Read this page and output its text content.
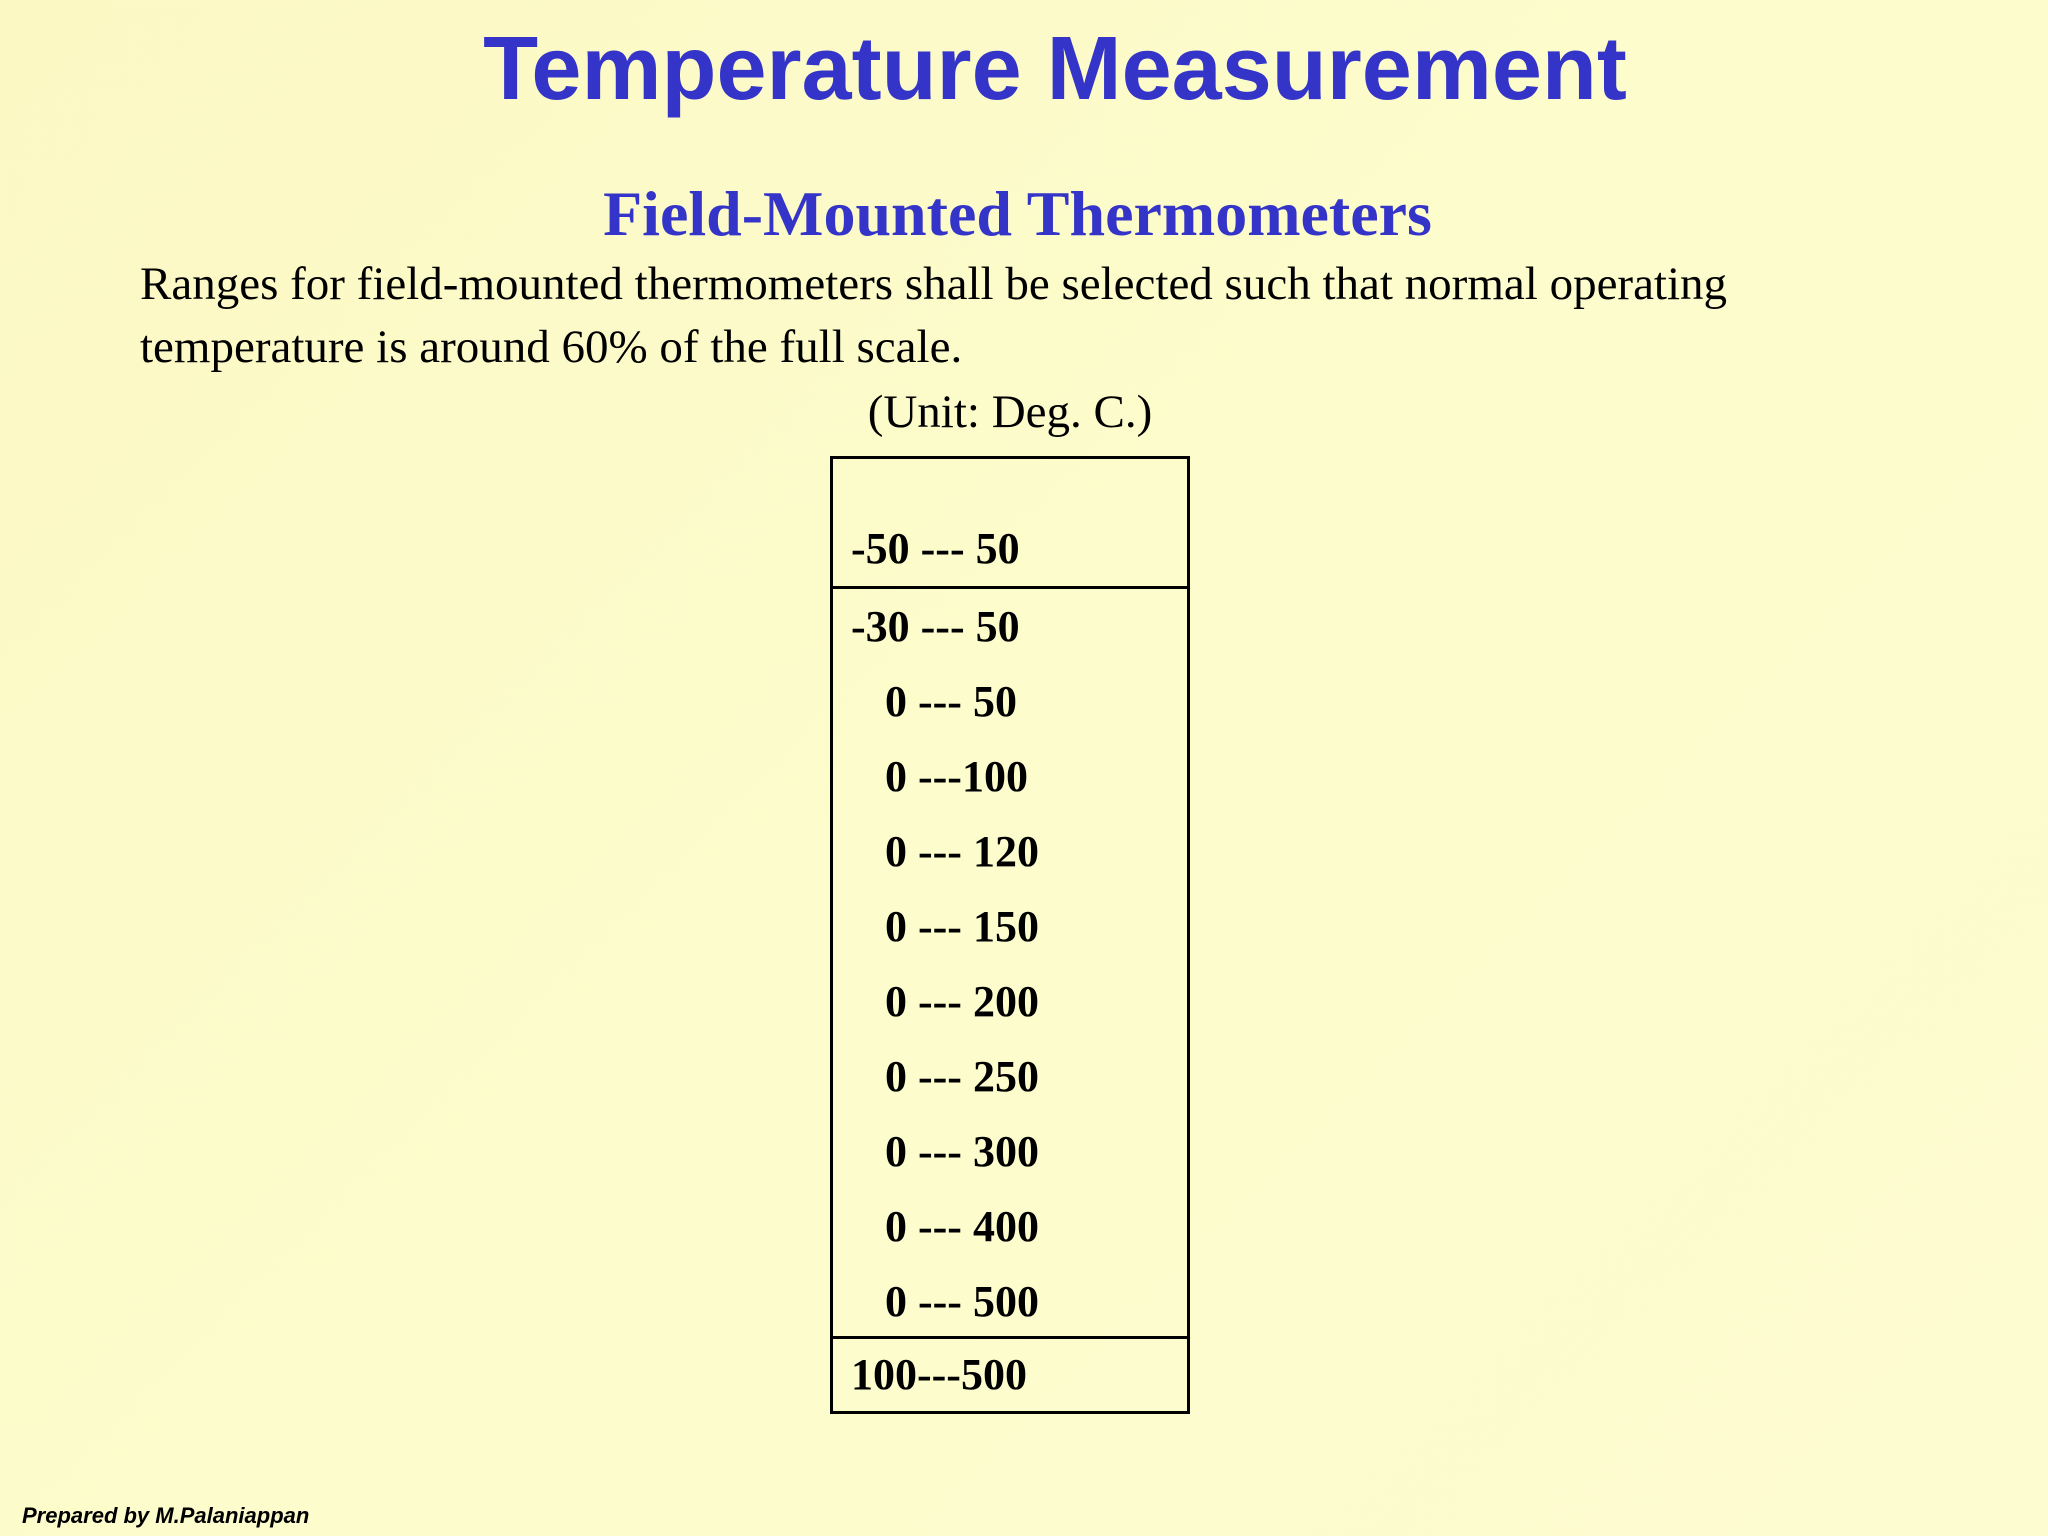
Temperature Measurement
Field-Mounted Thermometers
Ranges for field-mounted thermometers shall be selected such that normal operating
temperature is around 60% of the full scale.
(Unit: Deg. C.)
-50 --- 50
-30 --- 50
0 --- 50
0 ---100
0 --- 120
0 --- 150
0 --- 200
0 --- 250
0 --- 300
0 --- 400
0 --- 500
100---500
Prepared by M.Palaniappan
